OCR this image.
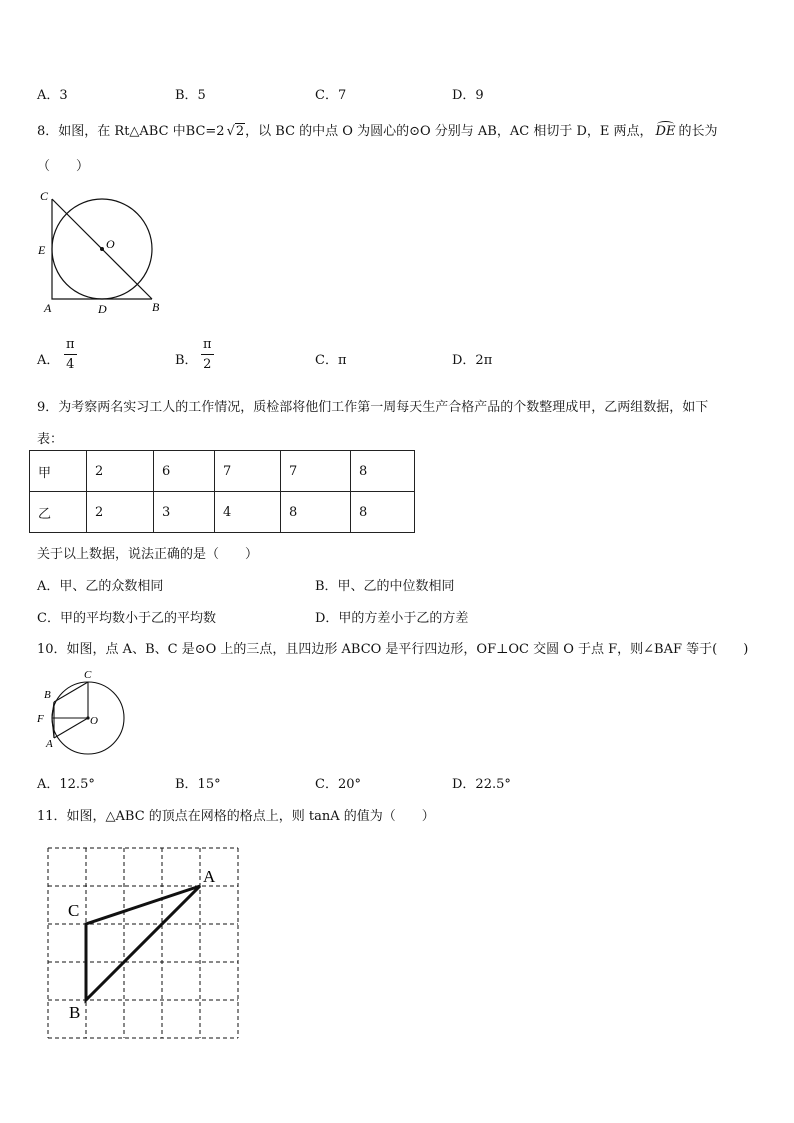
A．3	B．5	C．7	D．9
8．如图，在 Rt△ABC 中BC=2 √2，以 BC 的中点 O 为圆心的⊙O 分别与 AB，AC 相切于 D，E 两点， DE 的长为
（　　）
C
E	O
A	D	B
A．
π
4	B．
π
2	C．π	D．2π
9．为考察两名实习工人的工作情况，质检部将他们工作第一周每天生产合格产品的个数整理成甲，乙两组数据，如下
表：
甲	2	6	7	7	8
乙	2	3	4	8	8
关于以上数据，说法正确的是（　　）
A．甲、乙的众数相同	B．甲、乙的中位数相同
C．甲的平均数小于乙的平均数	D．甲的方差小于乙的方差
10．如图，点 A、B、C 是⊙O 上的三点，且四边形 ABCO 是平行四边形，OF⊥OC 交圆 O 于点 F，则∠BAF 等于(　　)
C
B
F	O
A
A．12.5°	B．15°	C．20°	D．22.5°
11．如图，△ABC 的顶点在网格的格点上，则 tanA 的值为（　　）
A
C
B
